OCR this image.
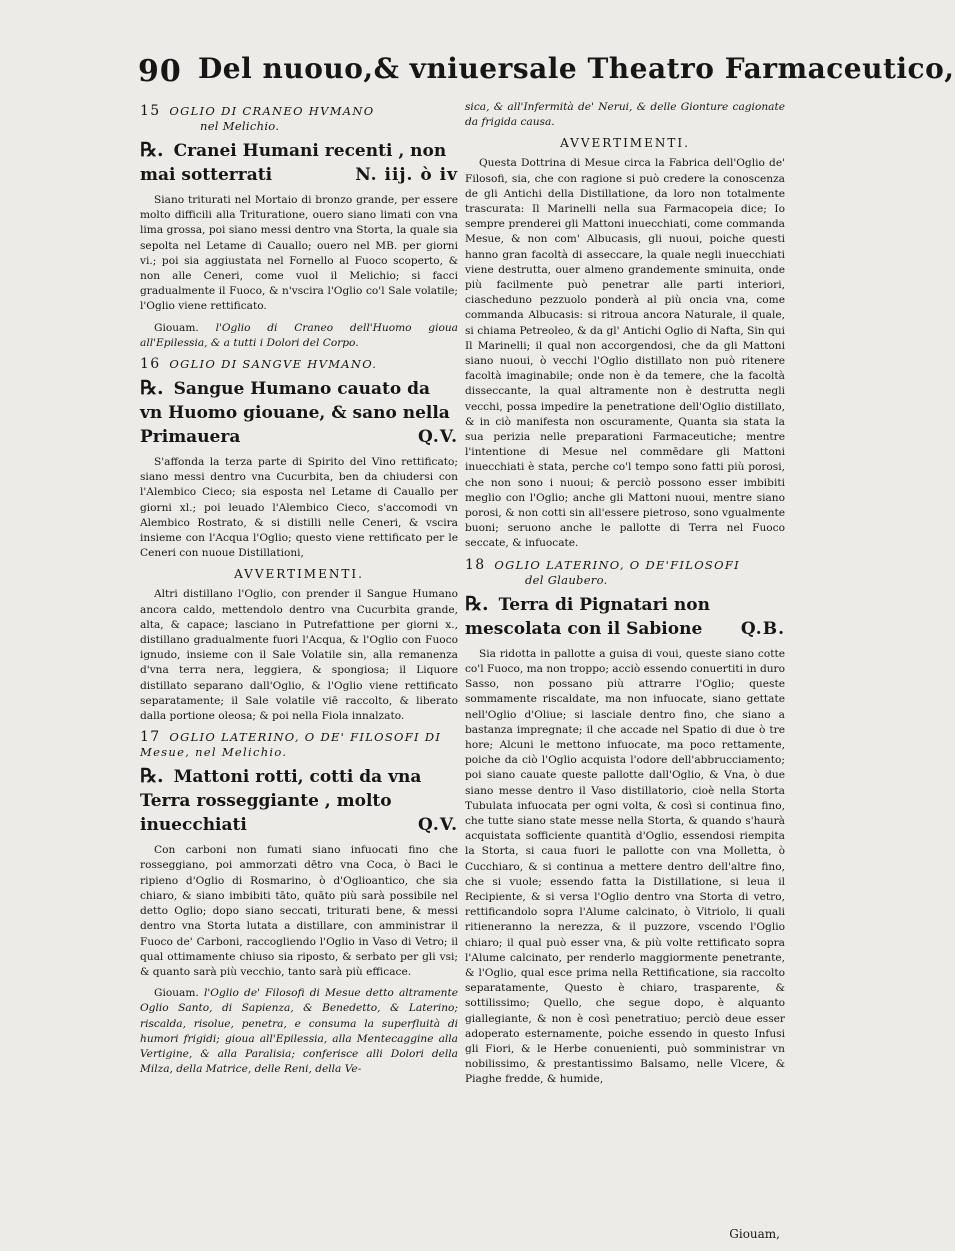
90 Del nuouo,& vniuersale Theatro Farmaceutico,
15 OGLIO DI CRANEO HVMANO
nel Melichio.
℞. Cranei Humani recenti , non mai sotterrati	N. iij. ò iv

Siano triturati nel Mortaio di bronzo grande, per essere molto difficili alla Trituratione, ouero siano limati con vna lima grossa, poi siano messi dentro vna Storta, la quale sia sepolta nel Letame di Cauallo; ouero nel MB. per giorni vi.; poi sia aggiustata nel Fornello al Fuoco scoperto, & non alle Ceneri, come vuol il Melichio; si facci gradualmente il Fuoco, & n'vscira l'Oglio co'l Sale volatile; l'Oglio viene rettificato.

Giouam. l'Oglio di Craneo dell'Huomo gioua all'Epilessia, & a tutti i Dolori del Corpo.

16 OGLIO DI SANGVE HVMANO.
℞. Sangue Humano cauato da vn Huomo giouane, & sano nella Primauera	Q.V.

S'affonda la terza parte di Spirito del Vino rettificato; siano messi dentro vna Cucurbita, ben da chiudersi con l'Alembico Cieco; sia esposta nel Letame di Cauallo per giorni xl.; poi leuado l'Alembico Cieco, s'accomodi vn Alembico Rostrato, & si distilli nelle Ceneri, & vscira insieme con l'Acqua l'Oglio; questo viene rettificato per le Ceneri con nuoue Distillationi,

AVVERTIMENTI.

Altri distillano l'Oglio, con prender il Sangue Humano ancora caldo, mettendolo dentro vna Cucurbita grande, alta, & capace; lasciano in Putrefattione per giorni x., distillano gradualmente fuori l'Acqua, & l'Oglio con Fuoco ignudo, insieme con il Sale Volatile sin, alla remanenza d'vna terra nera, leggiera, & spongiosa; il Liquore distillato separano dall'Oglio, & l'Oglio viene rettificato separatamente; il Sale volatile viē raccolto, & liberato dalla portione oleosa; & poi nella Fiola innalzato.

17 OGLIO LATERINO, O DE' FILOSOFI DI Mesue, nel Melichio.
℞. Mattoni rotti, cotti da vna Terra rosseggiante , molto inuecchiati	Q.V.

Con carboni non fumati siano infuocati fino che rosseggiano, poi ammorzati dētro vna Coca, ò Baci le ripieno d'Oglio di Rosmarino, ò d'Oglioantico, che sia chiaro, & siano imbibiti tāto, quāto più sarà possibile nel detto Oglio; dopo siano seccati, triturati bene, & messi dentro vna Storta lutata a distillare, con amministrar il Fuoco de' Carboni, raccogliendo l'Oglio in Vaso di Vetro; il qual ottimamente chiuso sia riposto, & serbato per gli vsi; & quanto sarà più vecchio, tanto sarà più efficace.

Giouam. l'Oglio de' Filosofi di Mesue detto altramente Oglio Santo, di Sapienza, & Benedetto, & Laterino; riscalda, risolue, penetra, e consuma la superfluità di humori frigidi; gioua all'Epilessia, alla Mentecaggine alla Vertigine, & alla Paralisia; conferisce alli Dolori della Milza, della Matrice, delle Reni, della Ve-

sica, & all'Infermità de' Nerui, & delle Gionture cagionate da frigida causa.

AVVERTIMENTI.

Questa Dottrina di Mesue circa la Fabrica dell'Oglio de' Filosofi, sia, che con ragione si può credere la conoscenza de gli Antichi della Distillatione, da loro non totalmente trascurata: Il Marinelli nella sua Farmacopeia dice; Io sempre prenderei gli Mattoni inuecchiati, come commanda Mesue, & non com' Albucasis, gli nuoui, poiche questi hanno gran facoltà di asseccare, la quale negli inuecchiati viene destrutta, ouer almeno grandemente sminuita, onde più facilmente può penetrar alle parti interiori, ciascheduno pezzuolo ponderà al più oncia vna, come commanda Albucasis: si ritroua ancora Naturale, il quale, si chiama Petreoleo, & da gl' Antichi Oglio di Nafta, Sin qui Il Marinelli; il qual non accorgendosi, che da gli Mattoni siano nuoui, ò vecchi l'Oglio distillato non può ritenere facoltà imaginabile; onde non è da temere, che la facoltà disseccante, la qual altramente non è destrutta negli vecchi, possa impedire la penetratione dell'Oglio distillato, & in ciò manifesta non oscuramente, Quanta sia stata la sua perizia nelle preparationi Farmaceutiche; mentre l'intentione di Mesue nel commēdare gli Mattoni inuecchiati è stata, perche co'l tempo sono fatti più porosi, che non sono i nuoui; & perciò possono esser imbibiti meglio con l'Oglio; anche gli Mattoni nuoui, mentre siano porosi, & non cotti sin all'essere pietroso, sono vgualmente buoni; seruono anche le pallotte di Terra nel Fuoco seccate, & infuocate.

18 OGLIO LATERINO, O DE'FILOSOFI
del Glaubero.
℞. Terra di Pignatari non mescolata con il Sabione Q.B.

Sia ridotta in pallotte a guisa di voui, queste siano cotte co'l Fuoco, ma non troppo; acciò essendo conuertiti in duro Sasso, non possano più attrarre l'Oglio; queste sommamente riscaldate, ma non infuocate, siano gettate nell'Oglio d'Oliue; si lasciale dentro fino, che siano a bastanza impregnate; il che accade nel Spatio di due ò tre hore; Alcuni le mettono infuocate, ma poco rettamente, poiche da ciò l'Oglio acquista l'odore dell'abbrucciamento; poi siano cauate queste pallotte dall'Oglio, & Vna, ò due siano messe dentro il Vaso distillatorio, cioè nella Storta Tubulata infuocata per ogni volta, & così si continua fino, che tutte siano state messe nella Storta, & quando s'haurà acquistata sofficiente quantità d'Oglio, essendosi riempita la Storta, si caua fuori le pallotte con vna Molletta, ò Cucchiaro, & si continua a mettere dentro dell'altre fino, che si vuole; essendo fatta la Distillatione, si leua il Recipiente, & si versa l'Oglio dentro vna Storta di vetro, rettificandolo sopra l'Alume calcinato, ò Vitriolo, li quali ritieneranno la nerezza, & il puzzore, vscendo l'Oglio chiaro; il qual può esser vna, & più volte rettificato sopra l'Alume calcinato, per renderlo maggiormente penetrante, & l'Oglio, qual esce prima nella Rettificatione, sia raccolto separatamente, Questo è chiaro, trasparente, & sottilissimo; Quello, che segue dopo, è alquanto giallegiante, & non è così penetratiuo; perciò deue esser adoperato esternamente, poiche essendo in questo Infusi gli Fiori, & le Herbe conuenienti, può somministrar vn nobilissimo, & prestantissimo Balsamo, nelle Vlcere, & Piaghe fredde, & humide,

Giouam,
